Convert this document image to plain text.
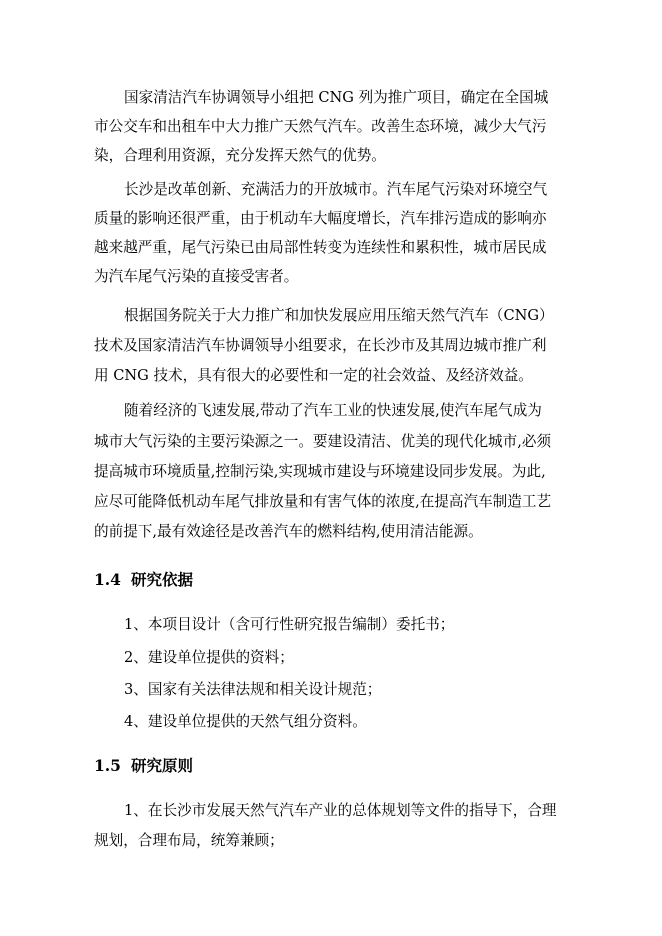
国家清洁汽车协调领导小组把 CNG 列为推广项目，确定在全国城
市公交车和出租车中大力推广天然气汽车。改善生态环境，减少大气污
染，合理利用资源，充分发挥天然气的优势。
长沙是改革创新、充满活力的开放城市。汽车尾气污染对环境空气
质量的影响还很严重，由于机动车大幅度增长，汽车排污造成的影响亦
越来越严重，尾气污染已由局部性转变为连续性和累积性，城市居民成
为汽车尾气污染的直接受害者。
根据国务院关于大力推广和加快发展应用压缩天然气汽车（CNG）
技术及国家清洁汽车协调领导小组要求，在长沙市及其周边城市推广利
用 CNG 技术，具有很大的必要性和一定的社会效益、及经济效益。
随着经济的飞速发展,带动了汽车工业的快速发展,使汽车尾气成为
城市大气污染的主要污染源之一。要建设清洁、优美的现代化城市,必须
提高城市环境质量,控制污染,实现城市建设与环境建设同步发展。为此,
应尽可能降低机动车尾气排放量和有害气体的浓度,在提高汽车制造工艺
的前提下,最有效途径是改善汽车的燃料结构,使用清洁能源。
1.4 研究依据
1、本项目设计（含可行性研究报告编制）委托书；
2、建设单位提供的资料；
3、国家有关法律法规和相关设计规范；
4、建设单位提供的天然气组分资料。
1.5 研究原则
1、在长沙市发展天然气汽车产业的总体规划等文件的指导下，合理
规划，合理布局，统筹兼顾；
